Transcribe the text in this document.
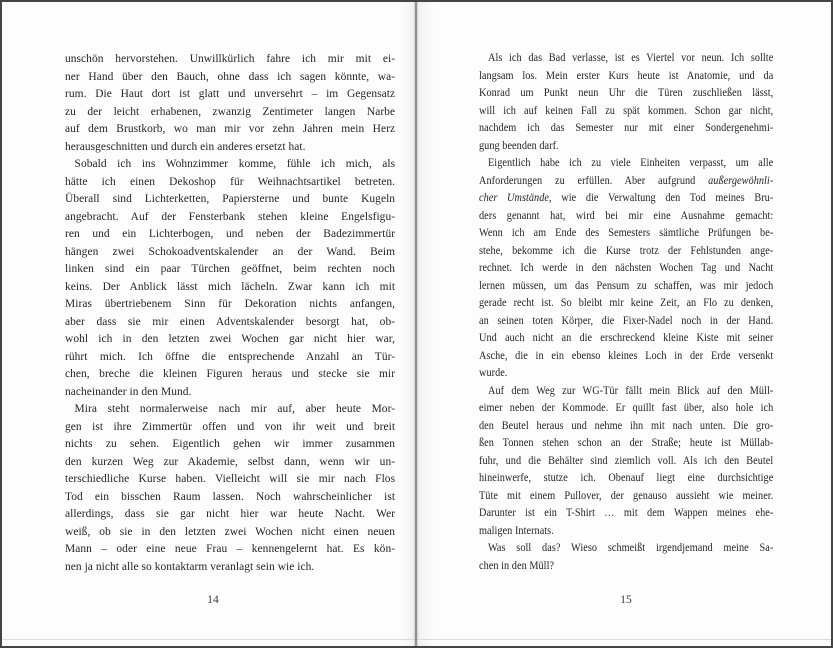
unschön hervorstehen. Unwillkürlich fahre ich mir mit ei-
ner Hand über den Bauch, ohne dass ich sagen könnte, wa-
rum. Die Haut dort ist glatt und unversehrt – im Gegensatz
zu der leicht erhabenen, zwanzig Zentimeter langen Narbe
auf dem Brustkorb, wo man mir vor zehn Jahren mein Herz
herausgeschnitten und durch ein anderes ersetzt hat.
Sobald ich ins Wohnzimmer komme, fühle ich mich, als
hätte ich einen Dekoshop für Weihnachtsartikel betreten.
Überall sind Lichterketten, Papiersterne und bunte Kugeln
angebracht. Auf der Fensterbank stehen kleine Engelsfigu-
ren und ein Lichterbogen, und neben der Badezimmertür
hängen zwei Schokoadventskalender an der Wand. Beim
linken sind ein paar Türchen geöffnet, beim rechten noch
keins. Der Anblick lässt mich lächeln. Zwar kann ich mit
Miras übertriebenem Sinn für Dekoration nichts anfangen,
aber dass sie mir einen Adventskalender besorgt hat, ob-
wohl ich in den letzten zwei Wochen gar nicht hier war,
rührt mich. Ich öffne die entsprechende Anzahl an Tür-
chen, breche die kleinen Figuren heraus und stecke sie mir
nacheinander in den Mund.
Mira steht normalerweise nach mir auf, aber heute Mor-
gen ist ihre Zimmertür offen und von ihr weit und breit
nichts zu sehen. Eigentlich gehen wir immer zusammen
den kurzen Weg zur Akademie, selbst dann, wenn wir un-
terschiedliche Kurse haben. Vielleicht will sie mir nach Flos
Tod ein bisschen Raum lassen. Noch wahrscheinlicher ist
allerdings, dass sie gar nicht hier war heute Nacht. Wer
weiß, ob sie in den letzten zwei Wochen nicht einen neuen
Mann – oder eine neue Frau – kennengelernt hat. Es kön-
nen ja nicht alle so kontaktarm veranlagt sein wie ich.
Als ich das Bad verlasse, ist es Viertel vor neun. Ich sollte
langsam los. Mein erster Kurs heute ist Anatomie, und da
Konrad um Punkt neun Uhr die Türen zuschließen lässt,
will ich auf keinen Fall zu spät kommen. Schon gar nicht,
nachdem ich das Semester nur mit einer Sondergenehmi-
gung beenden darf.
Eigentlich habe ich zu viele Einheiten verpasst, um alle
Anforderungen zu erfüllen. Aber aufgrund außergewöhnli-
cher Umstände, wie die Verwaltung den Tod meines Bru-
ders genannt hat, wird bei mir eine Ausnahme gemacht:
Wenn ich am Ende des Semesters sämtliche Prüfungen be-
stehe, bekomme ich die Kurse trotz der Fehlstunden ange-
rechnet. Ich werde in den nächsten Wochen Tag und Nacht
lernen müssen, um das Pensum zu schaffen, was mir jedoch
gerade recht ist. So bleibt mir keine Zeit, an Flo zu denken,
an seinen toten Körper, die Fixer-Nadel noch in der Hand.
Und auch nicht an die erschreckend kleine Kiste mit seiner
Asche, die in ein ebenso kleines Loch in der Erde versenkt
wurde.
Auf dem Weg zur WG-Tür fällt mein Blick auf den Müll-
eimer neben der Kommode. Er quillt fast über, also hole ich
den Beutel heraus und nehme ihn mit nach unten. Die gro-
ßen Tonnen stehen schon an der Straße; heute ist Müllab-
fuhr, und die Behälter sind ziemlich voll. Als ich den Beutel
hineinwerfe, stutze ich. Obenauf liegt eine durchsichtige
Tüte mit einem Pullover, der genauso aussieht wie meiner.
Darunter ist ein T-Shirt … mit dem Wappen meines ehe-
maligen Internats.
Was soll das? Wieso schmeißt irgendjemand meine Sa-
chen in den Müll?
14	15
